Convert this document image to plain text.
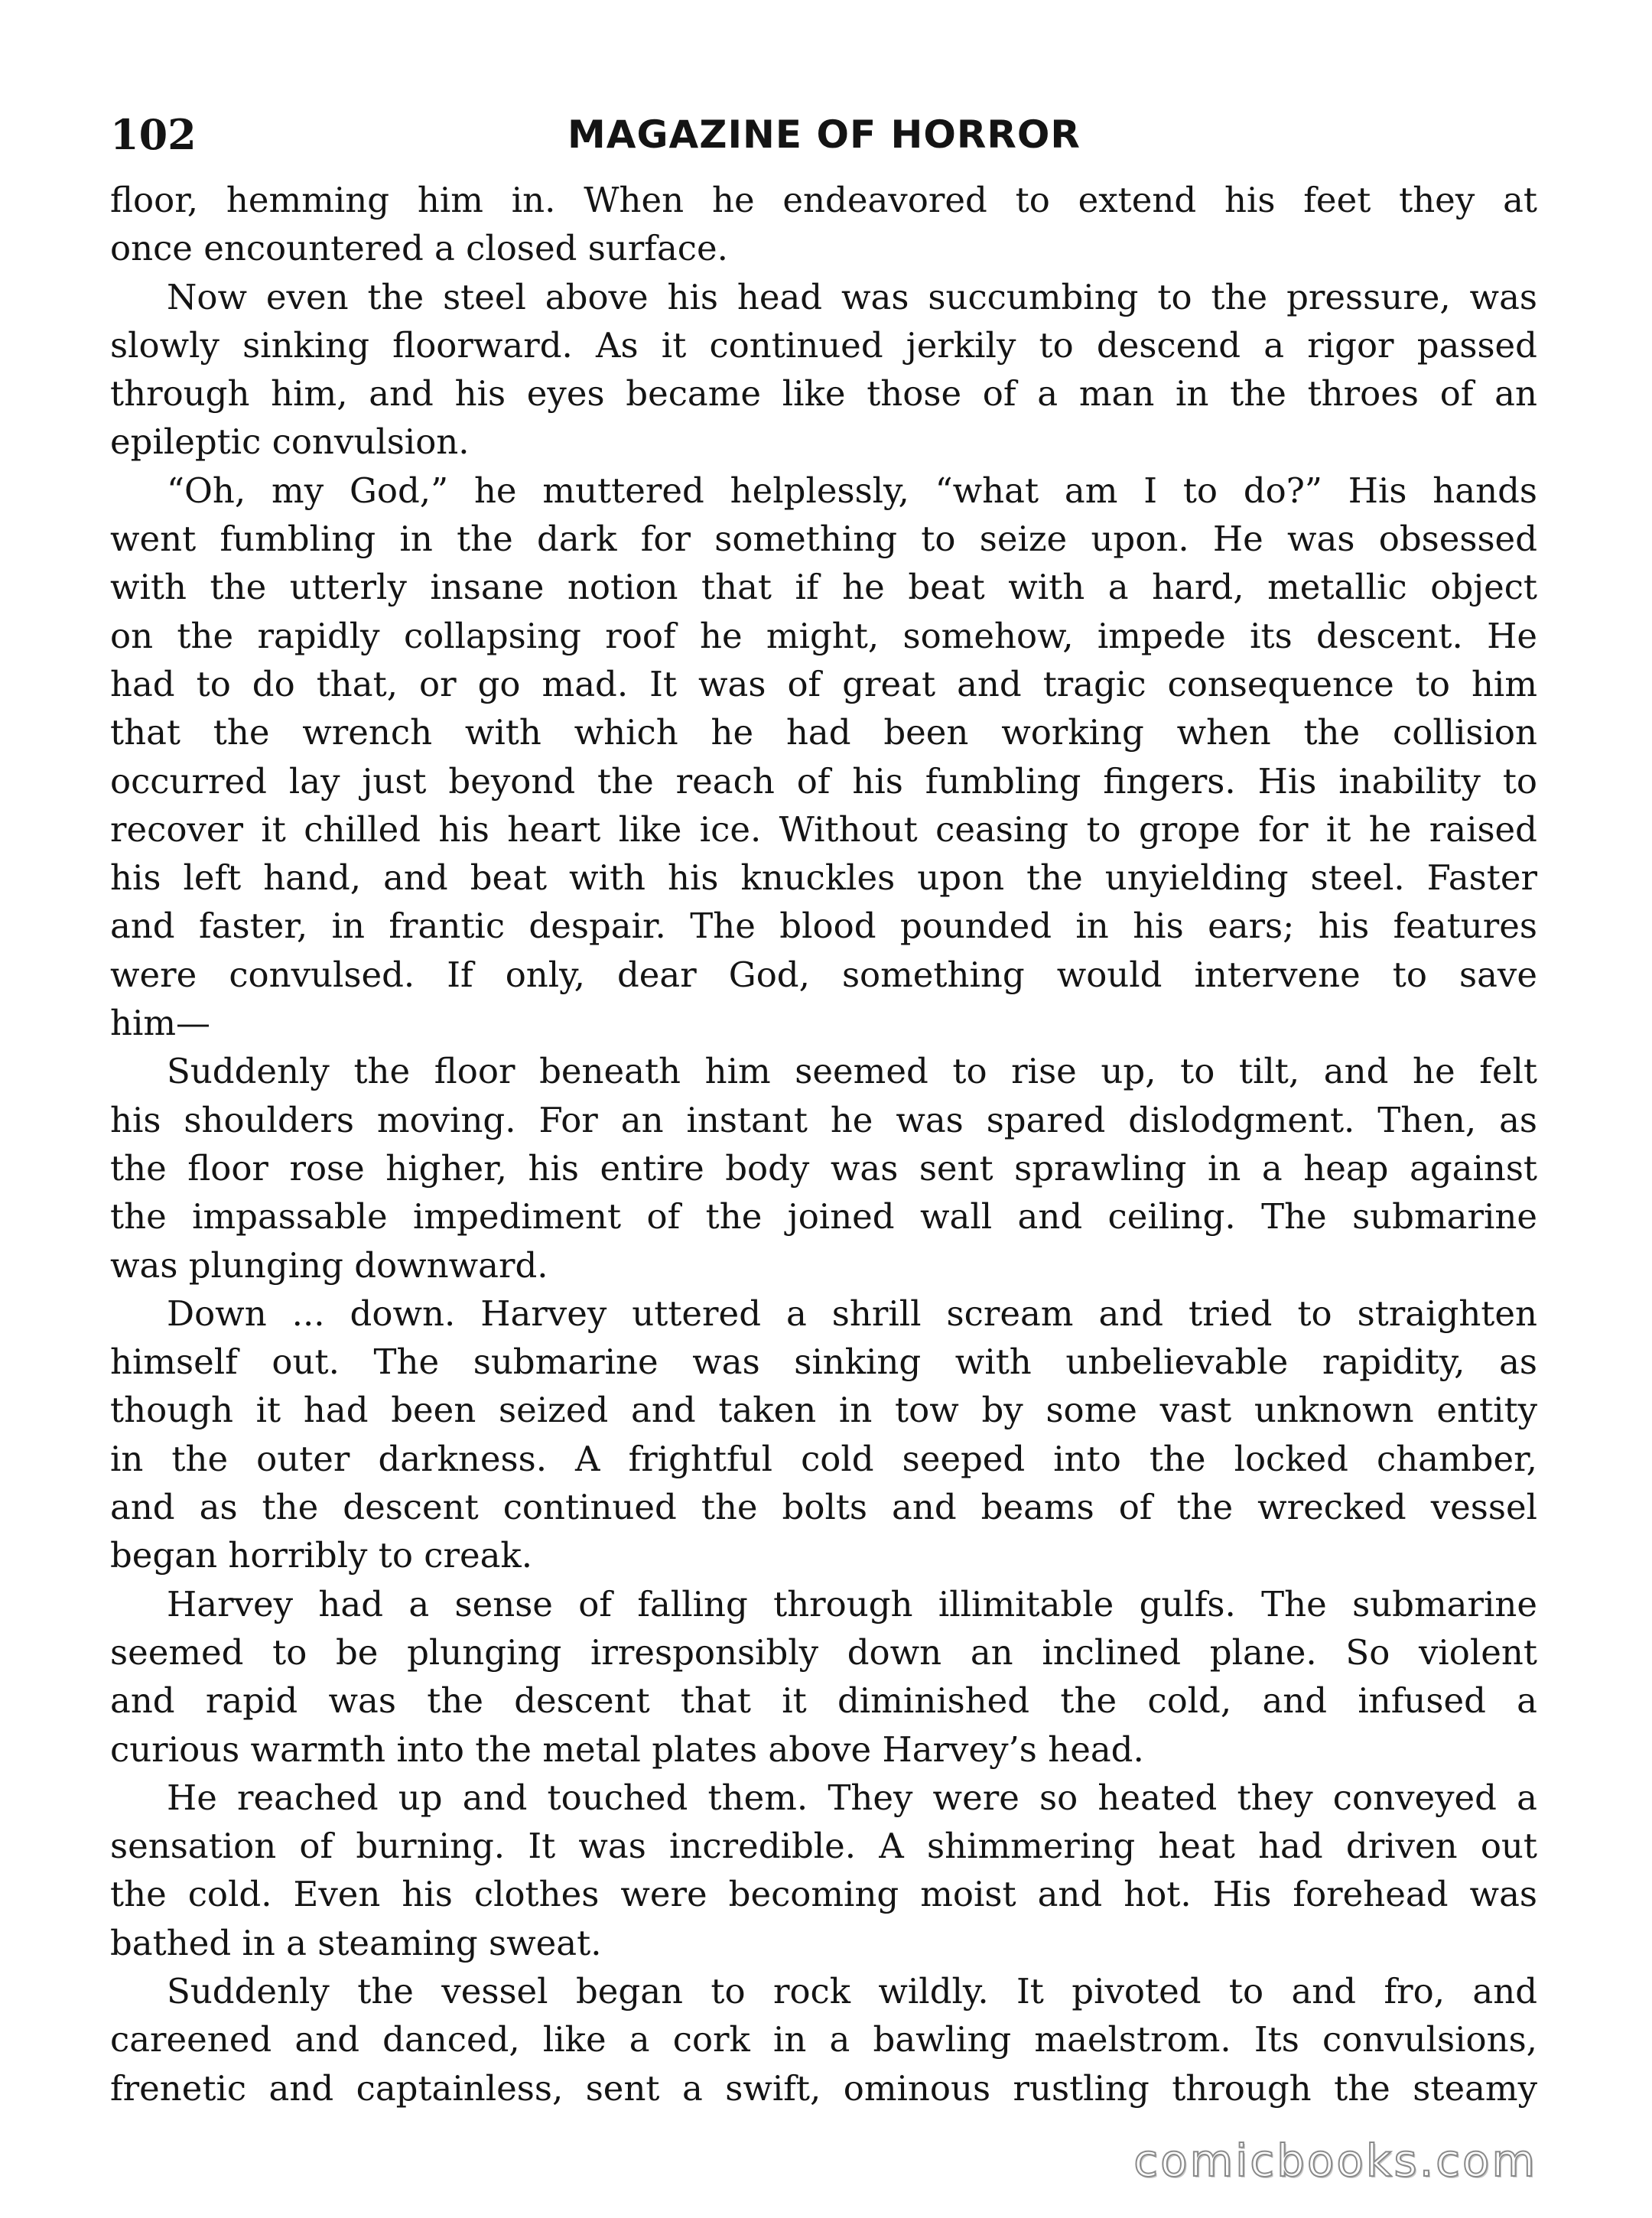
102	MAGAZINE OF HORROR
floor, hemming him in. When he endeavored to extend his feet they at
once encountered a closed surface.
Now even the steel above his head was succumbing to the pressure, was
slowly sinking floorward. As it continued jerkily to descend a rigor passed
through him, and his eyes became like those of a man in the throes of an
epileptic convulsion.
“Oh, my God,” he muttered helplessly, “what am I to do?” His hands
went fumbling in the dark for something to seize upon. He was obsessed
with the utterly insane notion that if he beat with a hard, metallic object
on the rapidly collapsing roof he might, somehow, impede its descent. He
had to do that, or go mad. It was of great and tragic consequence to him
that the wrench with which he had been working when the collision
occurred lay just beyond the reach of his fumbling fingers. His inability to
recover it chilled his heart like ice. Without ceasing to grope for it he raised
his left hand, and beat with his knuckles upon the unyielding steel. Faster
and faster, in frantic despair. The blood pounded in his ears; his features
were convulsed. If only, dear God, something would intervene to save
him—
Suddenly the floor beneath him seemed to rise up, to tilt, and he felt
his shoulders moving. For an instant he was spared dislodgment. Then, as
the floor rose higher, his entire body was sent sprawling in a heap against
the impassable impediment of the joined wall and ceiling. The submarine
was plunging downward.
Down ... down. Harvey uttered a shrill scream and tried to straighten
himself out. The submarine was sinking with unbelievable rapidity, as
though it had been seized and taken in tow by some vast unknown entity
in the outer darkness. A frightful cold seeped into the locked chamber,
and as the descent continued the bolts and beams of the wrecked vessel
began horribly to creak.
Harvey had a sense of falling through illimitable gulfs. The submarine
seemed to be plunging irresponsibly down an inclined plane. So violent
and rapid was the descent that it diminished the cold, and infused a
curious warmth into the metal plates above Harvey’s head.
He reached up and touched them. They were so heated they conveyed a
sensation of burning. It was incredible. A shimmering heat had driven out
the cold. Even his clothes were becoming moist and hot. His forehead was
bathed in a steaming sweat.
Suddenly the vessel began to rock wildly. It pivoted to and fro, and
careened and danced, like a cork in a bawling maelstrom. Its convulsions,
frenetic and captainless, sent a swift, ominous rustling through the steamy
comicbooks.com
